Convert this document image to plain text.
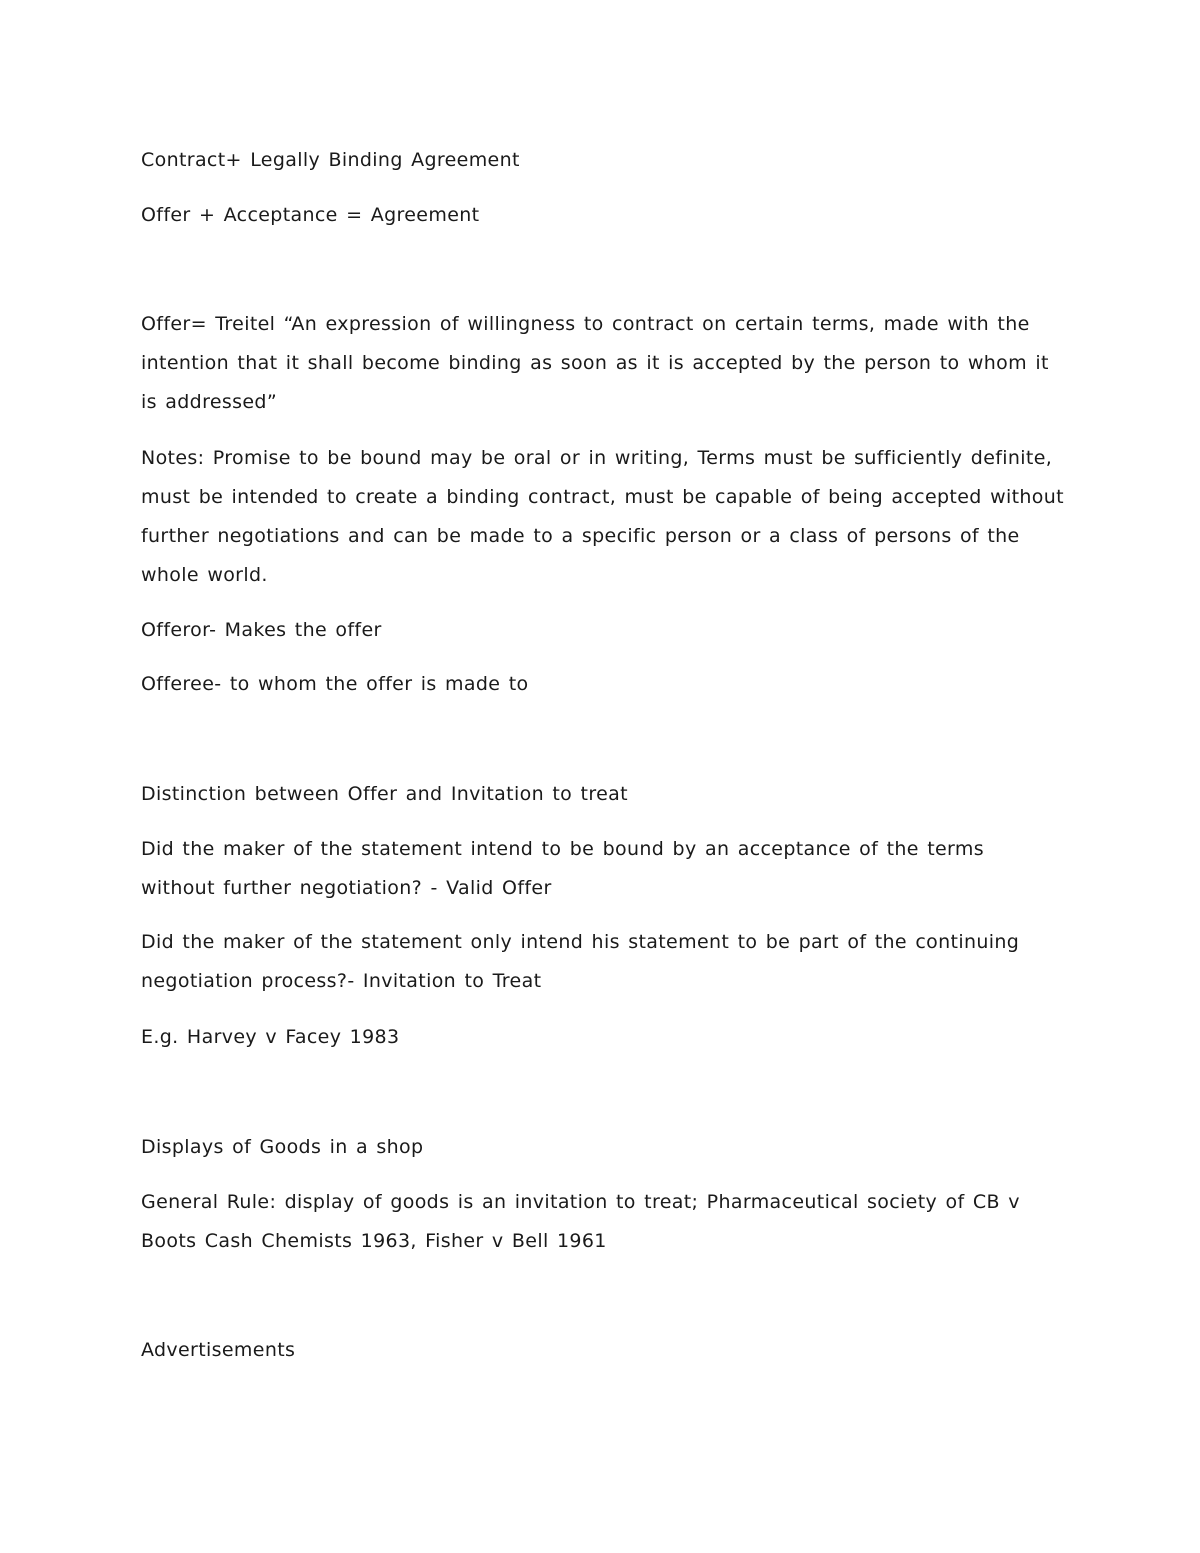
Contract+ Legally Binding Agreement

Offer + Acceptance = Agreement

Offer= Treitel “An expression of willingness to contract on certain terms, made with the intention that it shall become binding as soon as it is accepted by the person to whom it is addressed”

Notes: Promise to be bound may be oral or in writing, Terms must be sufficiently definite, must be intended to create a binding contract, must be capable of being accepted without further negotiations and can be made to a specific person or a class of persons of the whole world.

Offeror- Makes the offer

Offeree- to whom the offer is made to

Distinction between Offer and Invitation to treat

Did the maker of the statement intend to be bound by an acceptance of the terms without further negotiation? - Valid Offer

Did the maker of the statement only intend his statement to be part of the continuing negotiation process?- Invitation to Treat

E.g. Harvey v Facey 1983

Displays of Goods in a shop

General Rule: display of goods is an invitation to treat; Pharmaceutical society of CB v Boots Cash Chemists 1963, Fisher v Bell 1961

Advertisements
